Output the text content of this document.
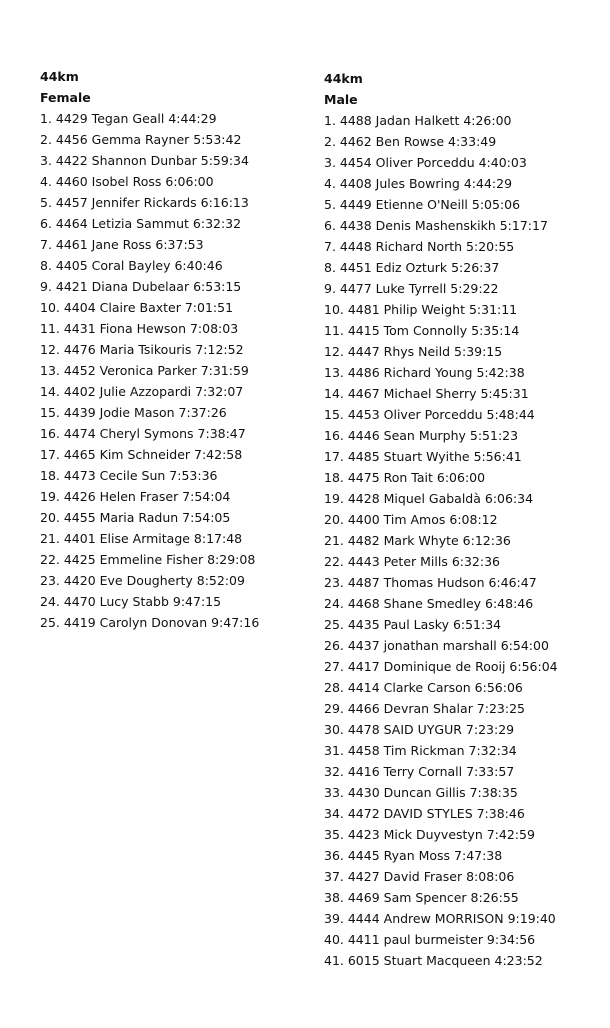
44km
Female
1. 4429 Tegan Geall 4:44:29
2. 4456 Gemma Rayner 5:53:42
3. 4422 Shannon Dunbar 5:59:34
4. 4460 Isobel Ross 6:06:00
5. 4457 Jennifer Rickards 6:16:13
6. 4464 Letizia Sammut 6:32:32
7. 4461 Jane Ross 6:37:53
8. 4405 Coral Bayley 6:40:46
9. 4421 Diana Dubelaar 6:53:15
10. 4404 Claire Baxter 7:01:51
11. 4431 Fiona Hewson 7:08:03
12. 4476 Maria Tsikouris 7:12:52
13. 4452 Veronica Parker 7:31:59
14. 4402 Julie Azzopardi 7:32:07
15. 4439 Jodie Mason 7:37:26
16. 4474 Cheryl Symons 7:38:47
17. 4465 Kim Schneider 7:42:58
18. 4473 Cecile Sun 7:53:36
19. 4426 Helen Fraser 7:54:04
20. 4455 Maria Radun 7:54:05
21. 4401 Elise Armitage 8:17:48
22. 4425 Emmeline Fisher 8:29:08
23. 4420 Eve Dougherty 8:52:09
24. 4470 Lucy Stabb 9:47:15
25. 4419 Carolyn Donovan 9:47:16
44km
Male
1. 4488 Jadan Halkett 4:26:00
2. 4462 Ben Rowse 4:33:49
3. 4454 Oliver Porceddu 4:40:03
4. 4408 Jules Bowring 4:44:29
5. 4449 Etienne O'Neill 5:05:06
6. 4438 Denis Mashenskikh 5:17:17
7. 4448 Richard North 5:20:55
8. 4451 Ediz Ozturk 5:26:37
9. 4477 Luke Tyrrell 5:29:22
10. 4481 Philip Weight 5:31:11
11. 4415 Tom Connolly 5:35:14
12. 4447 Rhys Neild 5:39:15
13. 4486 Richard Young 5:42:38
14. 4467 Michael Sherry 5:45:31
15. 4453 Oliver Porceddu 5:48:44
16. 4446 Sean Murphy 5:51:23
17. 4485 Stuart Wyithe 5:56:41
18. 4475 Ron Tait 6:06:00
19. 4428 Miquel Gabaldà 6:06:34
20. 4400 Tim Amos 6:08:12
21. 4482 Mark Whyte 6:12:36
22. 4443 Peter Mills 6:32:36
23. 4487 Thomas Hudson 6:46:47
24. 4468 Shane Smedley 6:48:46
25. 4435 Paul Lasky 6:51:34
26. 4437 jonathan marshall 6:54:00
27. 4417 Dominique de Rooij 6:56:04
28. 4414 Clarke Carson 6:56:06
29. 4466 Devran Shalar 7:23:25
30. 4478 SAID UYGUR 7:23:29
31. 4458 Tim Rickman 7:32:34
32. 4416 Terry Cornall 7:33:57
33. 4430 Duncan Gillis 7:38:35
34. 4472 DAVID STYLES 7:38:46
35. 4423 Mick Duyvestyn 7:42:59
36. 4445 Ryan Moss 7:47:38
37. 4427 David Fraser 8:08:06
38. 4469 Sam Spencer 8:26:55
39. 4444 Andrew MORRISON 9:19:40
40. 4411 paul burmeister 9:34:56
41. 6015 Stuart Macqueen 4:23:52
